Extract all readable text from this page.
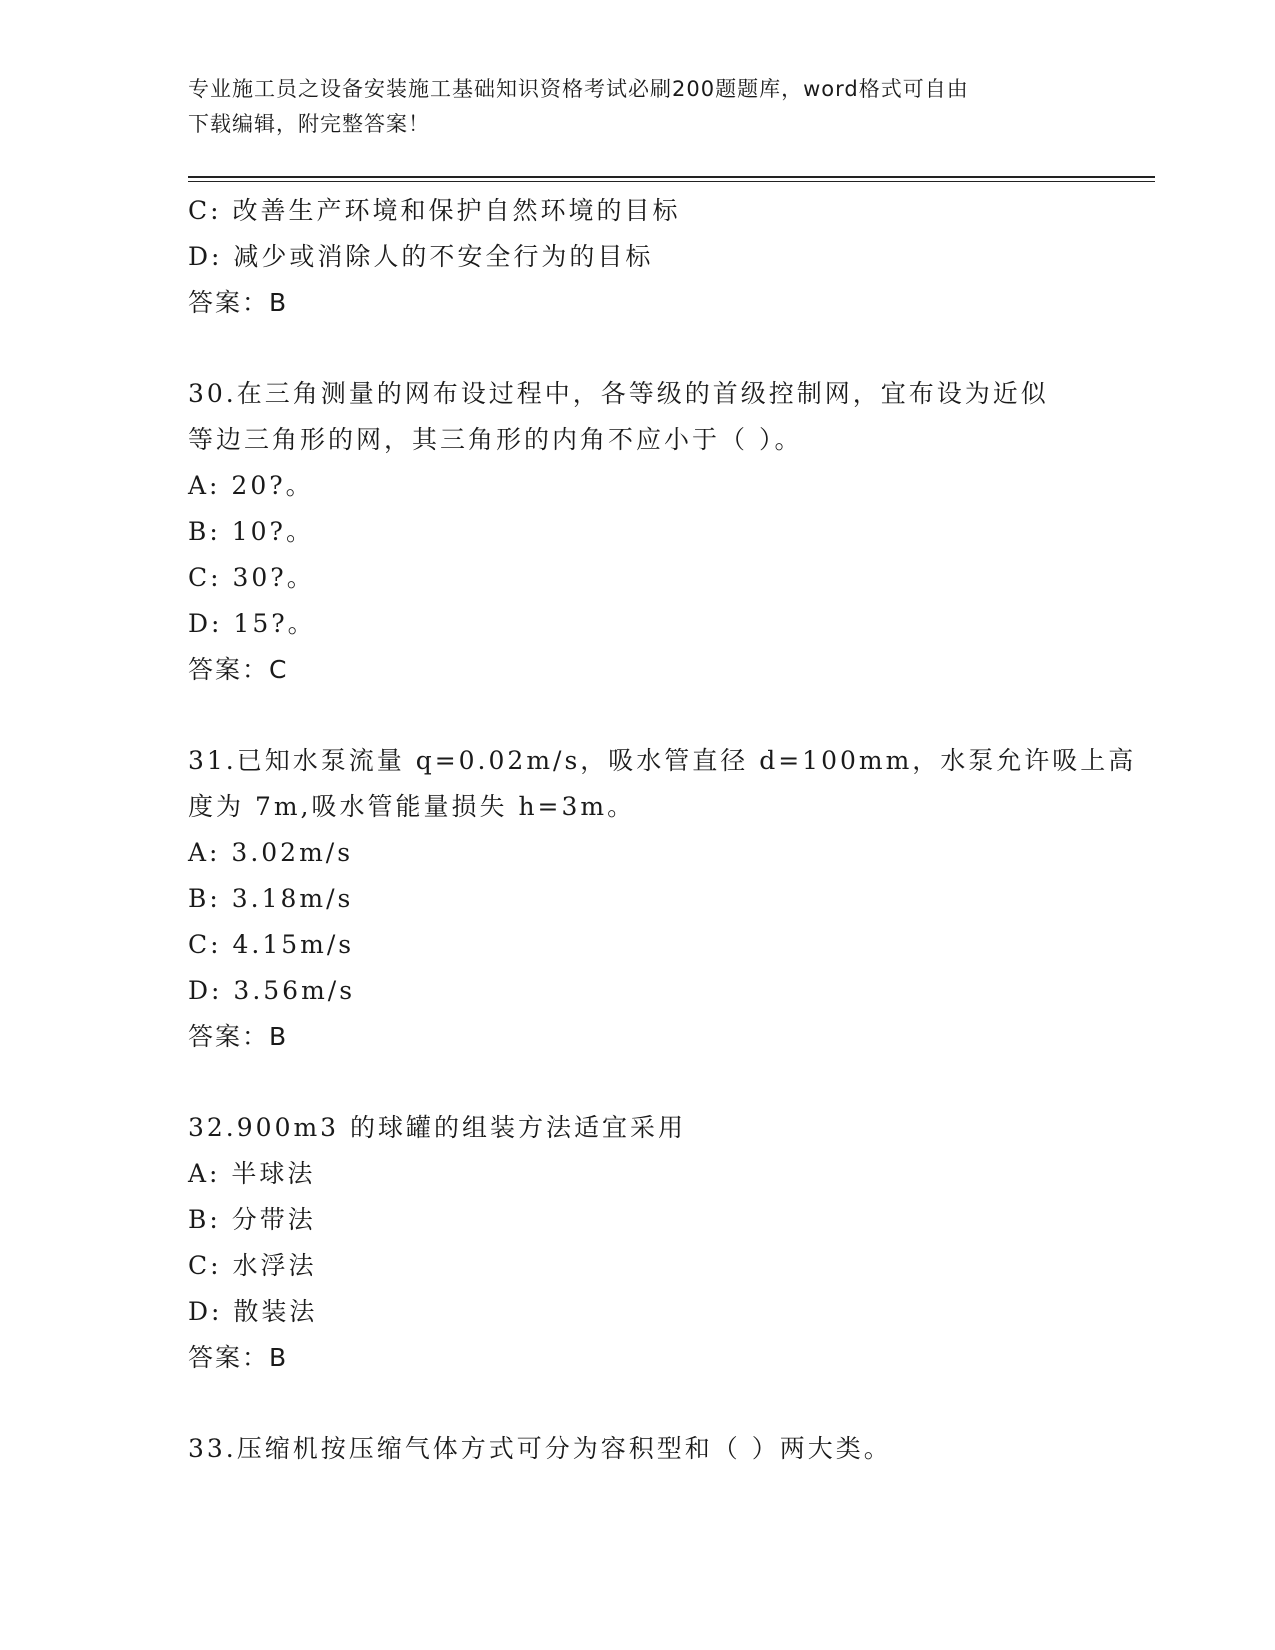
专业施工员之设备安装施工基础知识资格考试必刷200题题库，word格式可自由
下载编辑，附完整答案！
C: 改善生产环境和保护自然环境的目标
D: 减少或消除人的不安全行为的目标
答案：B
30.在三角测量的网布设过程中，各等级的首级控制网，宜布设为近似
等边三角形的网，其三角形的内角不应小于（ ）。
A: 20?。
B: 10?。
C: 30?。
D: 15?。
答案：C
31.已知水泵流量 q=0.02m/s，吸水管直径 d=100mm，水泵允许吸上高
度为 7m,吸水管能量损失 h=3m。
A: 3.02m/s
B: 3.18m/s
C: 4.15m/s
D: 3.56m/s
答案：B
32.900m3 的球罐的组装方法适宜采用
A: 半球法
B: 分带法
C: 水浮法
D: 散装法
答案：B
33.压缩机按压缩气体方式可分为容积型和（ ）两大类。
